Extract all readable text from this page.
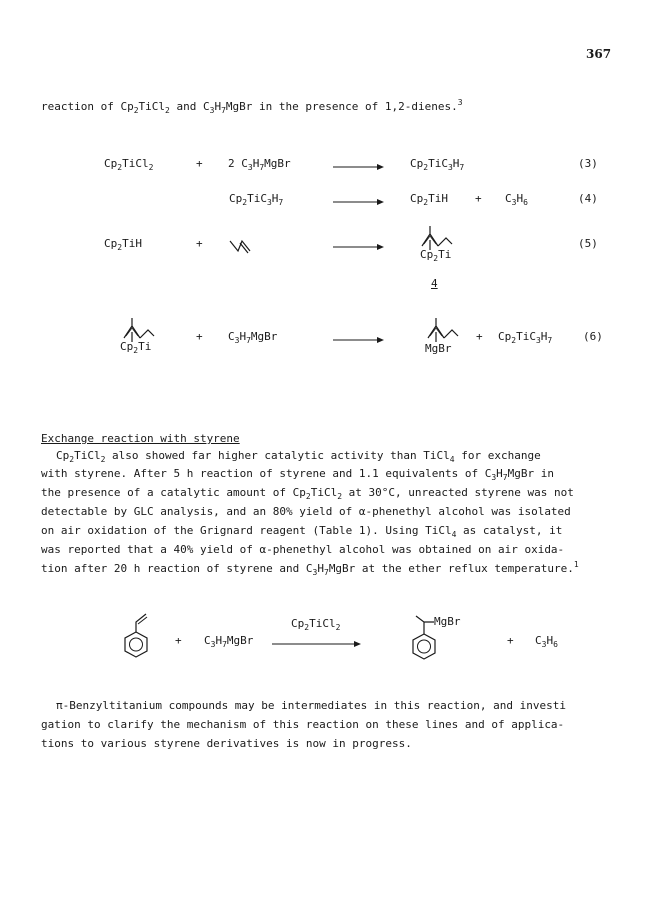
367
reaction of $Cp_2TiCl_2$ and $C_3H_7MgBr$ in the presence of 1,2-dienes.$^3$
$Cp_2TiCl_2$	+ 2 $C_3H_7MgBr$	$Cp_2TiC_3H_7$	(3)
$Cp_2TiC_3H_7$	$Cp_2TiH + C_3H_6$	(4)
$Cp_2TiH$	+
$Cp_2Ti$
(5)
4
$Cp_2Ti$
+ $C_3H_7MgBr$
MgBr
+ $Cp_2TiC_3H_7$	(6)
Exchange reaction with styrene
$Cp_2TiCl_2$ also showed far higher catalytic activity than TiCl$_4$ for exchange
with styrene. After 5 h reaction of styrene and 1.1 equivalents of $C_3H_7MgBr$ in
the presence of a catalytic amount of $Cp_2TiCl_2$ at 30°C, unreacted styrene was not
detectable by GLC analysis, and an 80% yield of α-phenethyl alcohol was isolated
on air oxidation of the Grignard reagent (Table 1). Using TiCl$_4$ as catalyst, it
was reported that a 40% yield of α-phenethyl alcohol was obtained on air oxida-
tion after 20 h reaction of styrene and $C_3H_7MgBr$ at the ether reflux temperature.$^1$
+ $C_3H_7MgBr$
$Cp_2TiCl_2$	MgBr
+ $C_3H_6$
π-Benzyltitanium compounds may be intermediates in this reaction, and investi
gation to clarify the mechanism of this reaction on these lines and of applica-
tions to various styrene derivatives is now in progress.
